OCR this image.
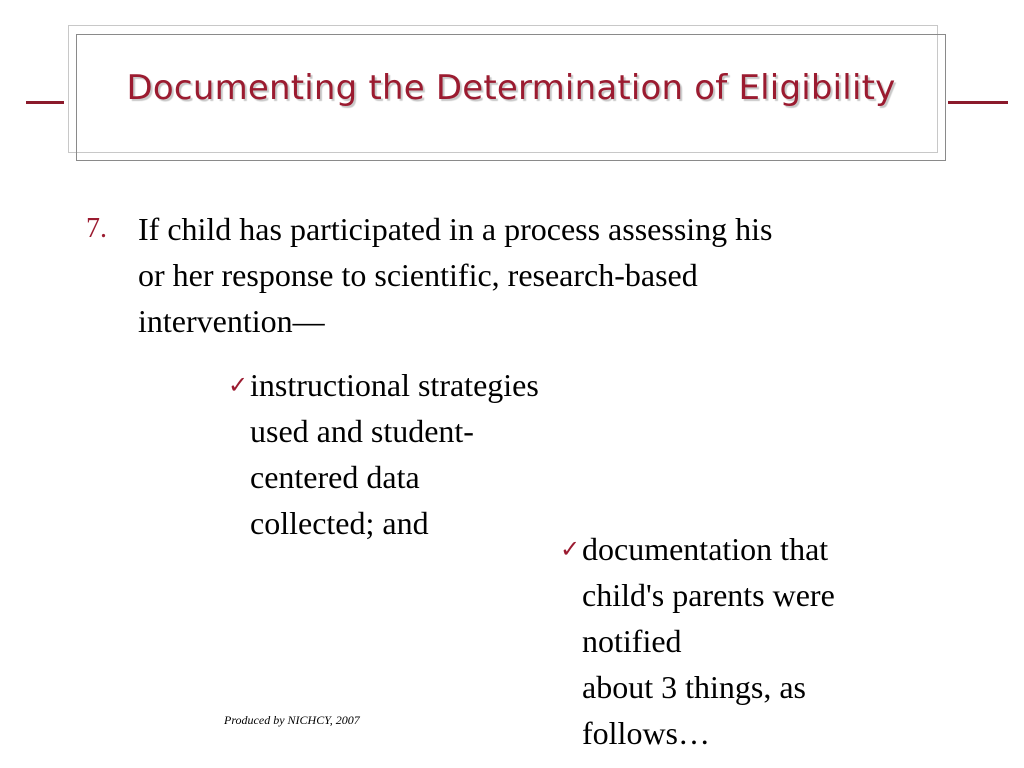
Documenting the Determination of Eligibility
7. If child has participated in a process assessing his
or her response to scientific, research-based
intervention—
✓ instructional strategies
used and student-
centered data
collected; and
✓ documentation that
child's parents were
notified
about 3 things, as
follows…
Produced by NICHCY, 2007
